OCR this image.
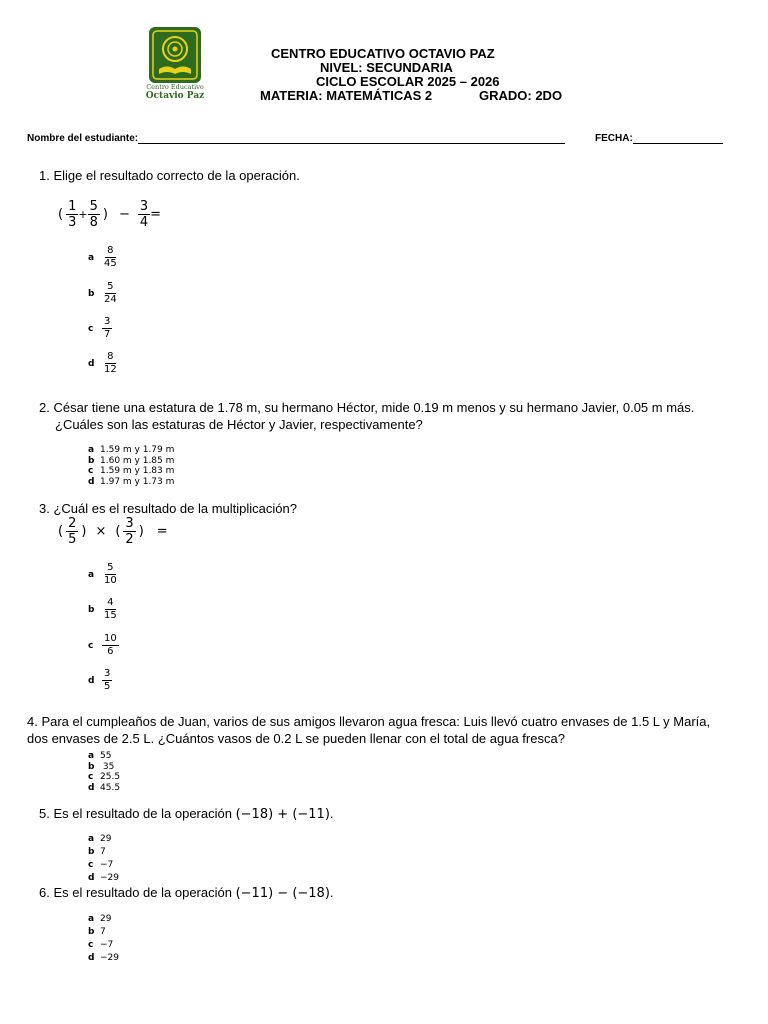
Centro Educativo
Octavio Paz
CENTRO EDUCATIVO OCTAVIO PAZ
NIVEL: SECUNDARIA
CICLO ESCOLAR 2025 – 2026
MATERIA: MATEMÁTICAS 2	GRADO: 2DO
Nombre del estudiante:	FECHA:
1. Elige el resultado correcto de la operación.
( $\frac{1}{3} + \frac{5}{8}$ ) − $\frac{3}{4}$ =
a $\frac{8}{45}$
b $\frac{5}{24}$
c $\frac{3}{7}$
d $\frac{8}{12}$
2. César tiene una estatura de 1.78 m, su hermano Héctor, mide 0.19 m menos y su hermano Javier, 0.05 m más. ¿Cuáles son las estaturas de Héctor y Javier, respectivamente?
a 1.59 m y 1.79 m
b 1.60 m y 1.85 m
c 1.59 m y 1.83 m
d 1.97 m y 1.73 m
3. ¿Cuál es el resultado de la multiplicación?
( $\frac{2}{5}$ ) × ( $\frac{3}{2}$ ) =
a $\frac{5}{10}$
b $\frac{4}{15}$
c $\frac{10}{6}$
d $\frac{3}{5}$
4. Para el cumpleaños de Juan, varios de sus amigos llevaron agua fresca: Luis llevó cuatro envases de 1.5 L y María, dos envases de 2.5 L. ¿Cuántos vasos de 0.2 L se pueden llenar con el total de agua fresca?
a 55
b 35
c 25.5
d 45.5
5. Es el resultado de la operación (−18) + (−11).
a 29
b 7
c −7
d −29
6. Es el resultado de la operación (−11) − (−18).
a 29
b 7
c −7
d −29
